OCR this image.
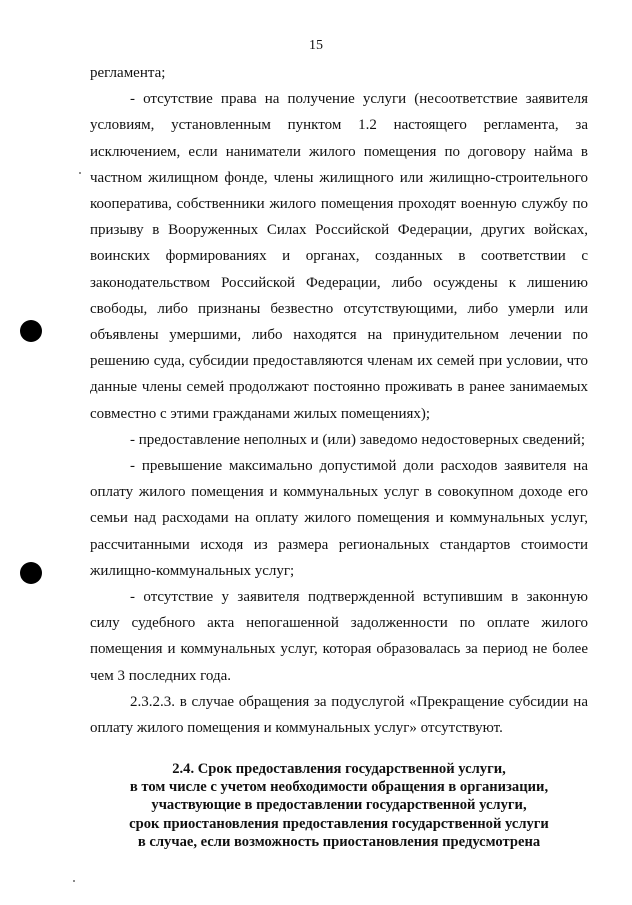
15

регламента;

- отсутствие права на получение услуги (несоответствие заявителя условиям, установленным пунктом 1.2 настоящего регламента, за исключением, если наниматели жилого помещения по договору найма в частном жилищном фонде, члены жилищного или жилищно-строительного кооператива, собственники жилого помещения проходят военную службу по призыву в Вооруженных Силах Российской Федерации, других войсках, воинских формированиях и органах, созданных в соответствии с законодательством Российской Федерации, либо осуждены к лишению свободы, либо признаны безвестно отсутствующими, либо умерли или объявлены умершими, либо находятся на принудительном лечении по решению суда, субсидии предоставляются членам их семей при условии, что данные члены семей продолжают постоянно проживать в ранее занимаемых совместно с этими гражданами жилых помещениях);

- предоставление неполных и (или) заведомо недостоверных сведений;

- превышение максимально допустимой доли расходов заявителя на оплату жилого помещения и коммунальных услуг в совокупном доходе его семьи над расходами на оплату жилого помещения и коммунальных услуг, рассчитанными исходя из размера региональных стандартов стоимости жилищно-коммунальных услуг;

- отсутствие у заявителя подтвержденной вступившим в законную силу судебного акта непогашенной задолженности по оплате жилого помещения и коммунальных услуг, которая образовалась за период не более чем 3 последних года.

2.3.2.3. в случае обращения за подуслугой «Прекращение субсидии на оплату жилого помещения и коммунальных услуг» отсутствуют.

2.4. Срок предоставления государственной услуги,
в том числе с учетом необходимости обращения в организации,
участвующие в предоставлении государственной услуги,
срок приостановления предоставления государственной услуги
в случае, если возможность приостановления предусмотрена
